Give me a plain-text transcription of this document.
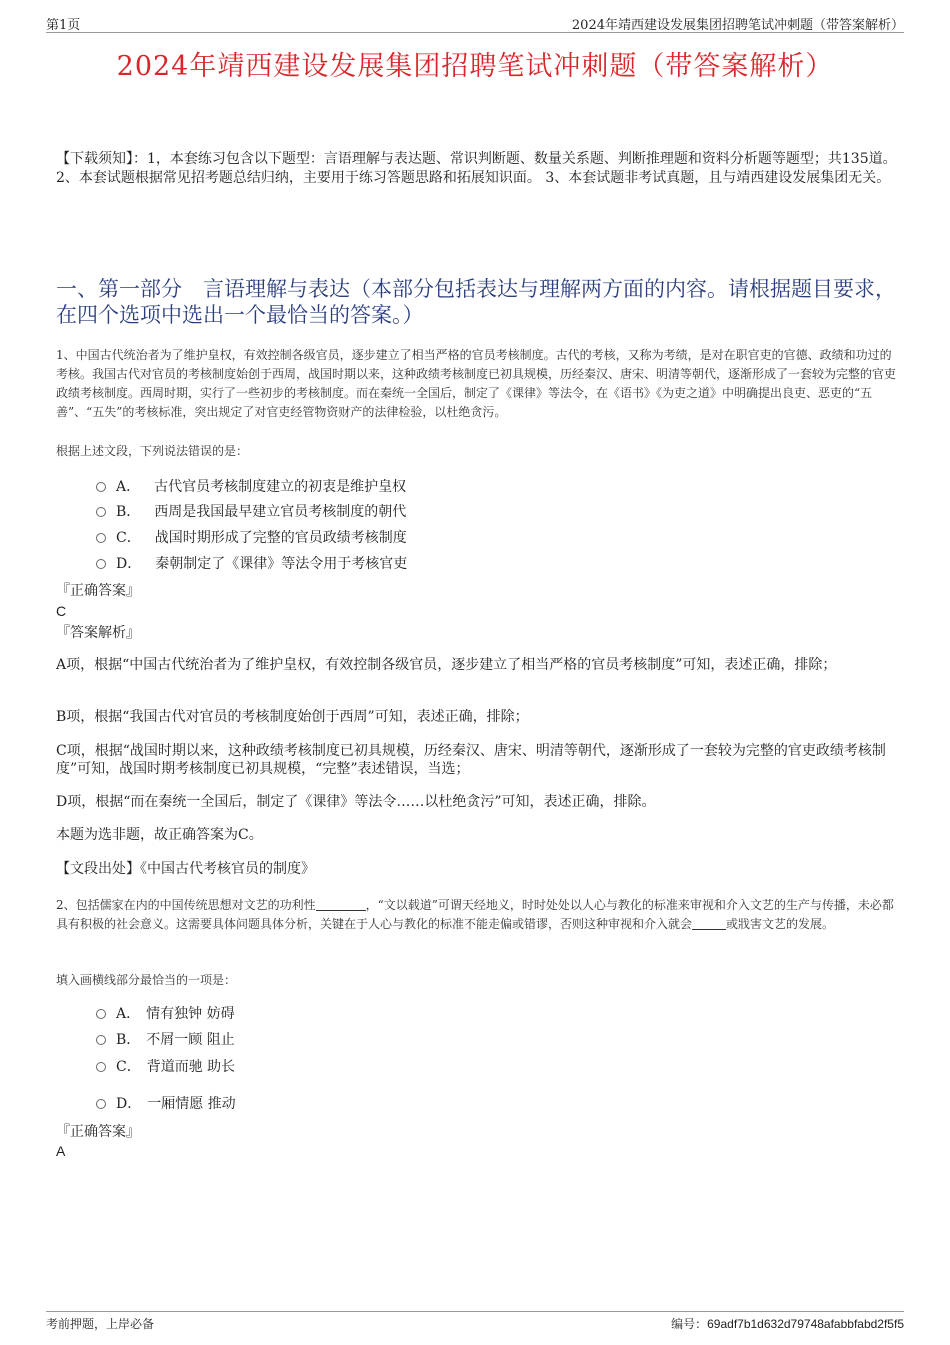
第1页	2024年靖西建设发展集团招聘笔试冲刺题（带答案解析）
2024年靖西建设发展集团招聘笔试冲刺题（带答案解析）
【下载须知】：1，本套练习包含以下题型：言语理解与表达题、常识判断题、数量关系题、判断推理题和资料分析题等题型；共135道。 2、本套试题根据常见招考题总结归纳，主要用于练习答题思路和拓展知识面。 3、本套试题非考试真题，且与靖西建设发展集团无关。
一、第一部分　言语理解与表达（本部分包括表达与理解两方面的内容。请根据题目要求，在四个选项中选出一个最恰当的答案。）
1、中国古代统治者为了维护皇权，有效控制各级官员，逐步建立了相当严格的官员考核制度。古代的考核，又称为考绩，是对在职官吏的官德、政绩和功过的考核。我国古代对官员的考核制度始创于西周，战国时期以来，这种政绩考核制度已初具规模，历经秦汉、唐宋、明清等朝代，逐渐形成了一套较为完整的官吏政绩考核制度。西周时期，实行了一些初步的考核制度。而在秦统一全国后，制定了《课律》等法令，在《语书》《为吏之道》中明确提出良吏、恶吏的“五善”、“五失”的考核标准，突出规定了对官吏经管物资财产的法律检验，以杜绝贪污。
根据上述文段，下列说法错误的是：
A． 古代官员考核制度建立的初衷是维护皇权
B． 西周是我国最早建立官员考核制度的朝代
C． 战国时期形成了完整的官员政绩考核制度
D． 秦朝制定了《课律》等法令用于考核官吏
『正确答案』
C
『答案解析』
A项，根据“中国古代统治者为了维护皇权，有效控制各级官员，逐步建立了相当严格的官员考核制度”可知，表述正确，排除；
B项，根据“我国古代对官员的考核制度始创于西周”可知，表述正确，排除；
C项，根据“战国时期以来，这种政绩考核制度已初具规模，历经秦汉、唐宋、明清等朝代，逐渐形成了一套较为完整的官吏政绩考核制度”可知，战国时期考核制度已初具规模，“完整”表述错误，当选；
D项，根据“而在秦统一全国后，制定了《课律》等法令……以杜绝贪污”可知，表述正确，排除。
本题为选非题，故正确答案为C。
【文段出处】《中国古代考核官员的制度》
2、包括儒家在内的中国传统思想对文艺的功利性	，“文以载道”可谓天经地义，时时处处以人心与教化的标准来审视和介入文艺的生产与传播，未必都具有积极的社会意义。这需要具体问题具体分析，关键在于人心与教化的标准不能走偏或错谬，否则这种审视和介入就会	或戕害文艺的发展。
填入画横线部分最恰当的一项是：
A． 情有独钟 妨碍
B． 不屑一顾 阻止
C． 背道而驰 助长
D． 一厢情愿 推动
『正确答案』
A
考前押题，上岸必备	编号：69adf7b1d632d79748afabbfabd2f5f5
